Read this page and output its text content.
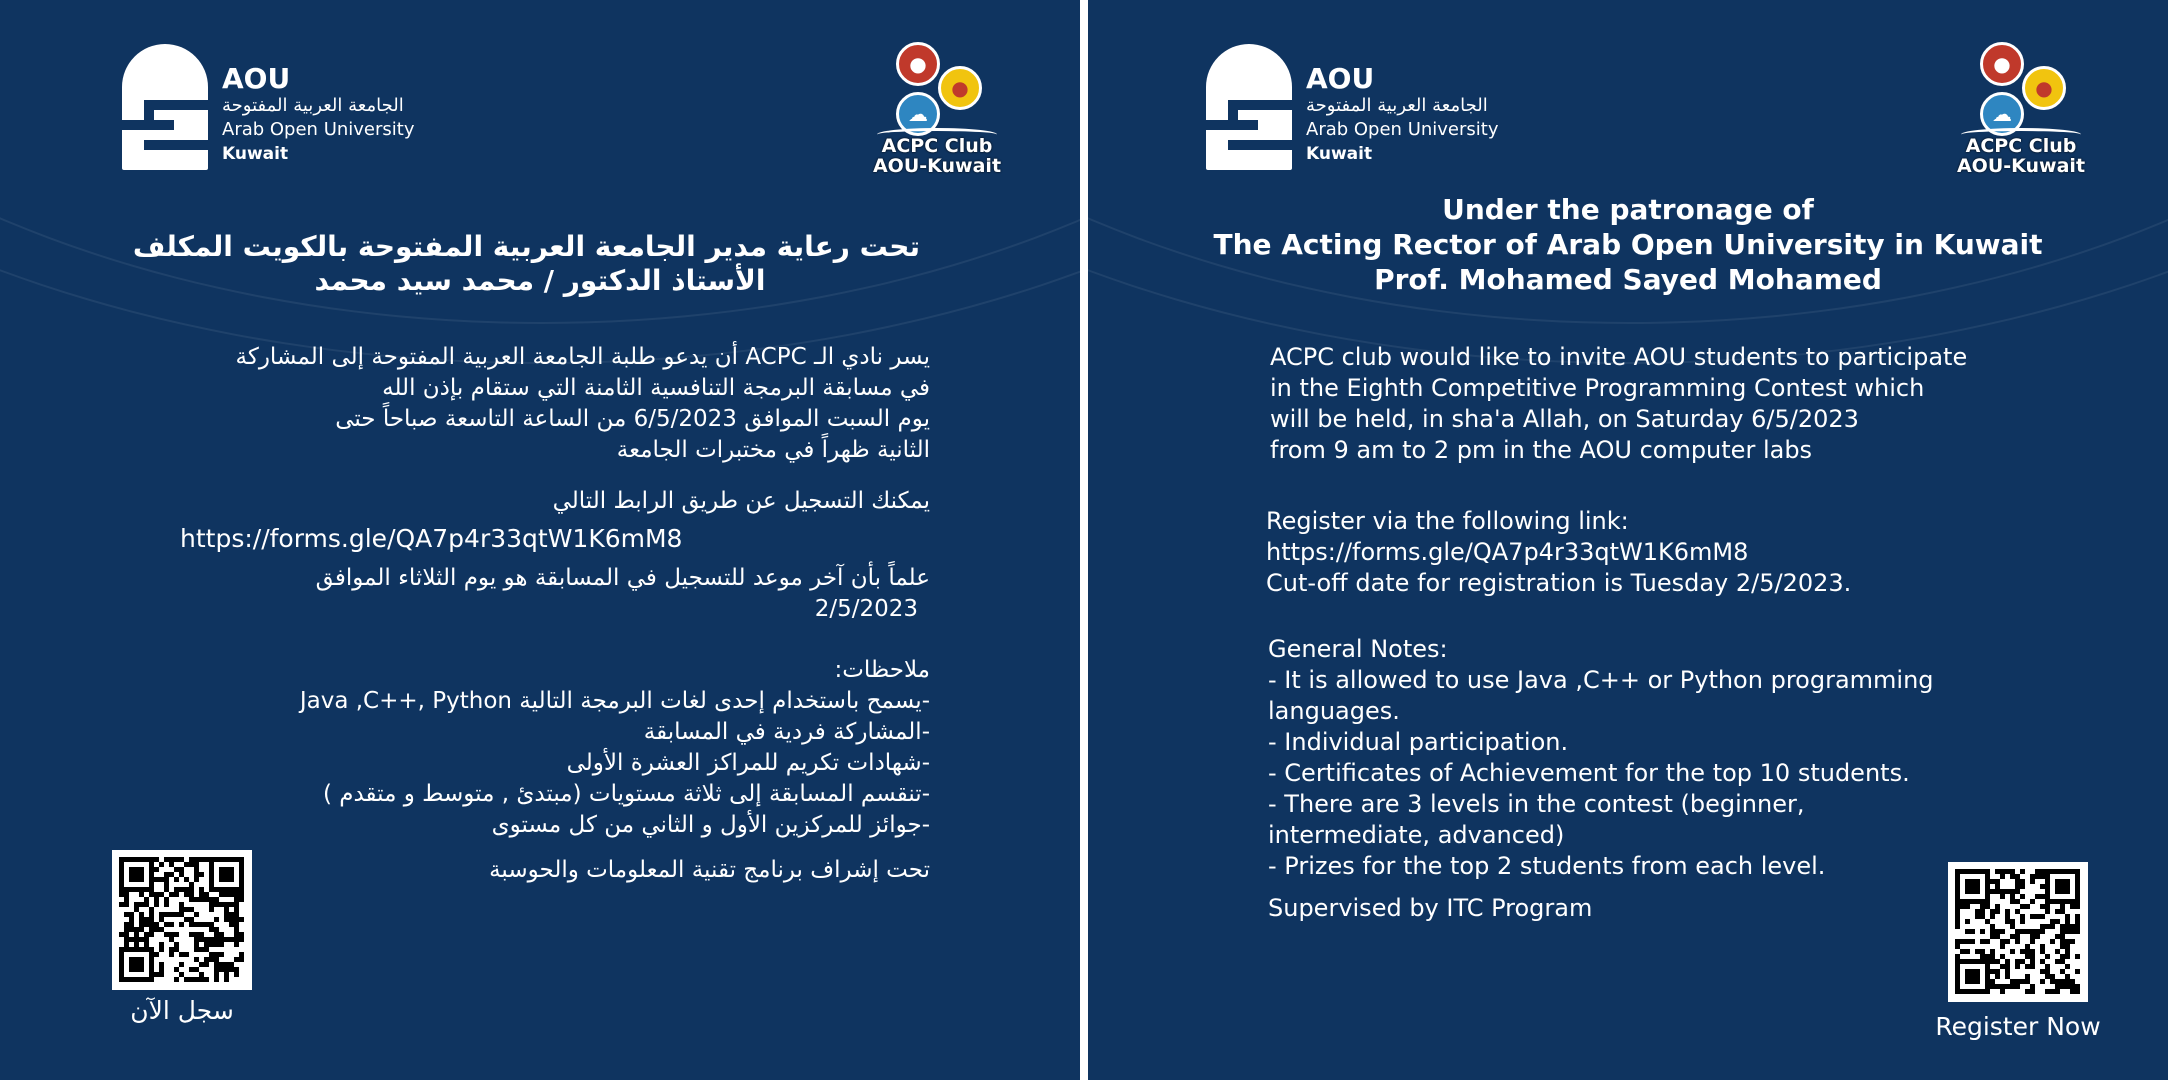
AOU
الجامعة العربية المفتوحة
Arab Open University
Kuwait
●
●
☁
ACPC Club
AOU-Kuwait
تحت رعاية مدير الجامعة العربية المفتوحة بالكويت المكلف
الأستاذ الدكتور / محمد سيد محمد
يسر نادي الـ ACPC أن يدعو طلبة الجامعة العربية المفتوحة إلى المشاركة
في مسابقة البرمجة التنافسية الثامنة التي ستقام بإذن الله
يوم السبت الموافق 6/5/2023 من الساعة التاسعة صباحاً حتى
الثانية ظهراً في مختبرات الجامعة
يمكنك التسجيل عن طريق الرابط التالي
https://forms.gle/QA7p4r33qtW1K6mM8
علماً بأن آخر موعد للتسجيل في المسابقة هو يوم الثلاثاء الموافق
2/5/2023
ملاحظات:
-يسمح باستخدام إحدى لغات البرمجة التالية Java ,C++, Python
-المشاركة فردية في المسابقة
-شهادات تكريم للمراكز العشرة الأولى
-تنقسم المسابقة إلى ثلاثة مستويات (مبتدئ , متوسط و متقدم )
-جوائز للمركزين الأول و الثاني من كل مستوى
تحت إشراف برنامج تقنية المعلومات والحوسبة
سجل الآن
AOU
الجامعة العربية المفتوحة
Arab Open University
Kuwait
●
●
☁
ACPC Club
AOU-Kuwait
Under the patronage of
The Acting Rector of Arab Open University in Kuwait
Prof. Mohamed Sayed Mohamed
ACPC club would like to invite AOU students to participate
in the Eighth Competitive Programming Contest which
will be held, in sha'a Allah, on Saturday 6/5/2023
from 9 am to 2 pm in the AOU computer labs
Register via the following link:
https://forms.gle/QA7p4r33qtW1K6mM8
Cut-off date for registration is Tuesday 2/5/2023.
General Notes:
- It is allowed to use Java ,C++ or Python programming
languages.
- Individual participation.
- Certificates of Achievement for the top 10 students.
- There are 3 levels in the contest (beginner,
intermediate, advanced)
- Prizes for the top 2 students from each level.
Supervised by ITC Program
Register Now
